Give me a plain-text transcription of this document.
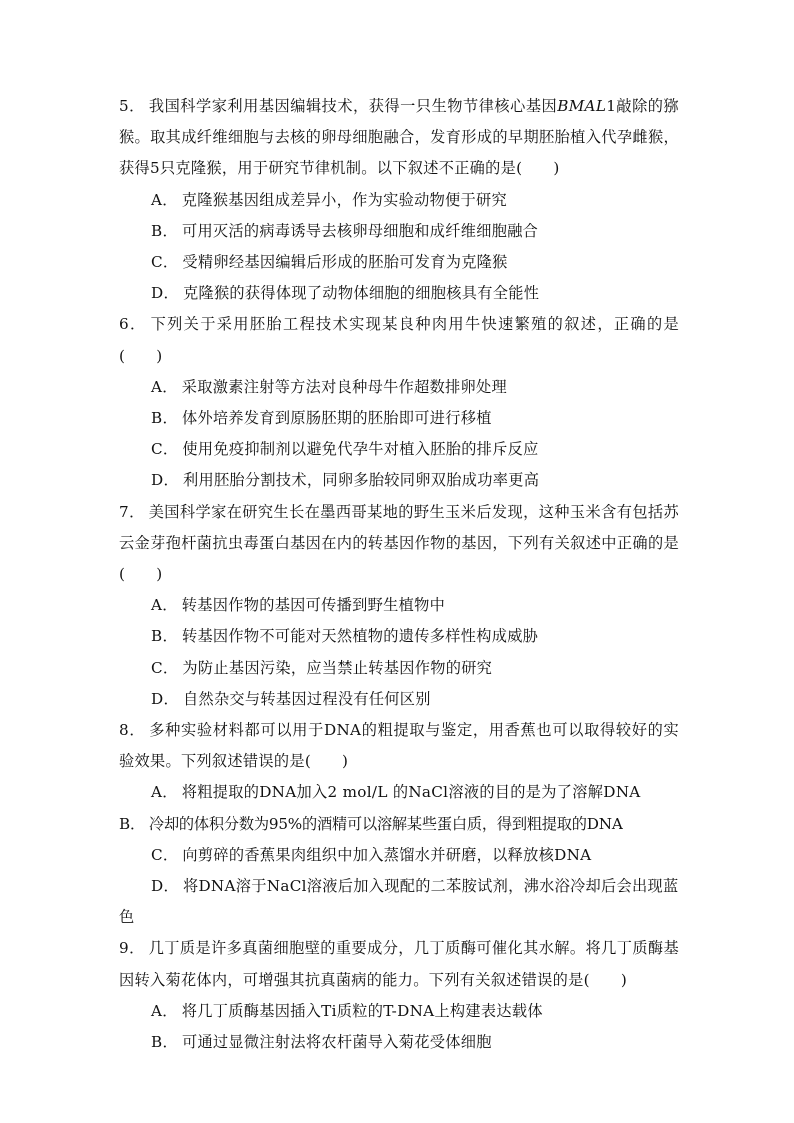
5． 我国科学家利用基因编辑技术，获得一只生物节律核心基因BMAL1敲除的猕猴。取其成纤维细胞与去核的卵母细胞融合，发育形成的早期胚胎植入代孕雌猴，获得5只克隆猴，用于研究节律机制。以下叙述不正确的是(　　)
A． 克隆猴基因组成差异小，作为实验动物便于研究
B． 可用灭活的病毒诱导去核卵母细胞和成纤维细胞融合
C． 受精卵经基因编辑后形成的胚胎可发育为克隆猴
D． 克隆猴的获得体现了动物体细胞的细胞核具有全能性
6． 下列关于采用胚胎工程技术实现某良种肉用牛快速繁殖的叙述，正确的是(　　)
A． 采取激素注射等方法对良种母牛作超数排卵处理
B． 体外培养发育到原肠胚期的胚胎即可进行移植
C． 使用免疫抑制剂以避免代孕牛对植入胚胎的排斥反应
D． 利用胚胎分割技术，同卵多胎较同卵双胎成功率更高
7． 美国科学家在研究生长在墨西哥某地的野生玉米后发现，这种玉米含有包括苏云金芽孢杆菌抗虫毒蛋白基因在内的转基因作物的基因，下列有关叙述中正确的是(　　)
A． 转基因作物的基因可传播到野生植物中
B． 转基因作物不可能对天然植物的遗传多样性构成威胁
C． 为防止基因污染，应当禁止转基因作物的研究
D． 自然杂交与转基因过程没有任何区别
8． 多种实验材料都可以用于DNA的粗提取与鉴定，用香蕉也可以取得较好的实验效果。下列叙述错误的是(　　)
A． 将粗提取的DNA加入2 mol/L 的NaCl溶液的目的是为了溶解DNA
B． 冷却的体积分数为95%的酒精可以溶解某些蛋白质，得到粗提取的DNA
C． 向剪碎的香蕉果肉组织中加入蒸馏水并研磨，以释放核DNA
D． 将DNA溶于NaCl溶液后加入现配的二苯胺试剂，沸水浴冷却后会出现蓝色
9． 几丁质是许多真菌细胞壁的重要成分，几丁质酶可催化其水解。将几丁质酶基因转入菊花体内，可增强其抗真菌病的能力。下列有关叙述错误的是(　　)
A． 将几丁质酶基因插入Ti质粒的T-DNA上构建表达载体
B． 可通过显微注射法将农杆菌导入菊花受体细胞
